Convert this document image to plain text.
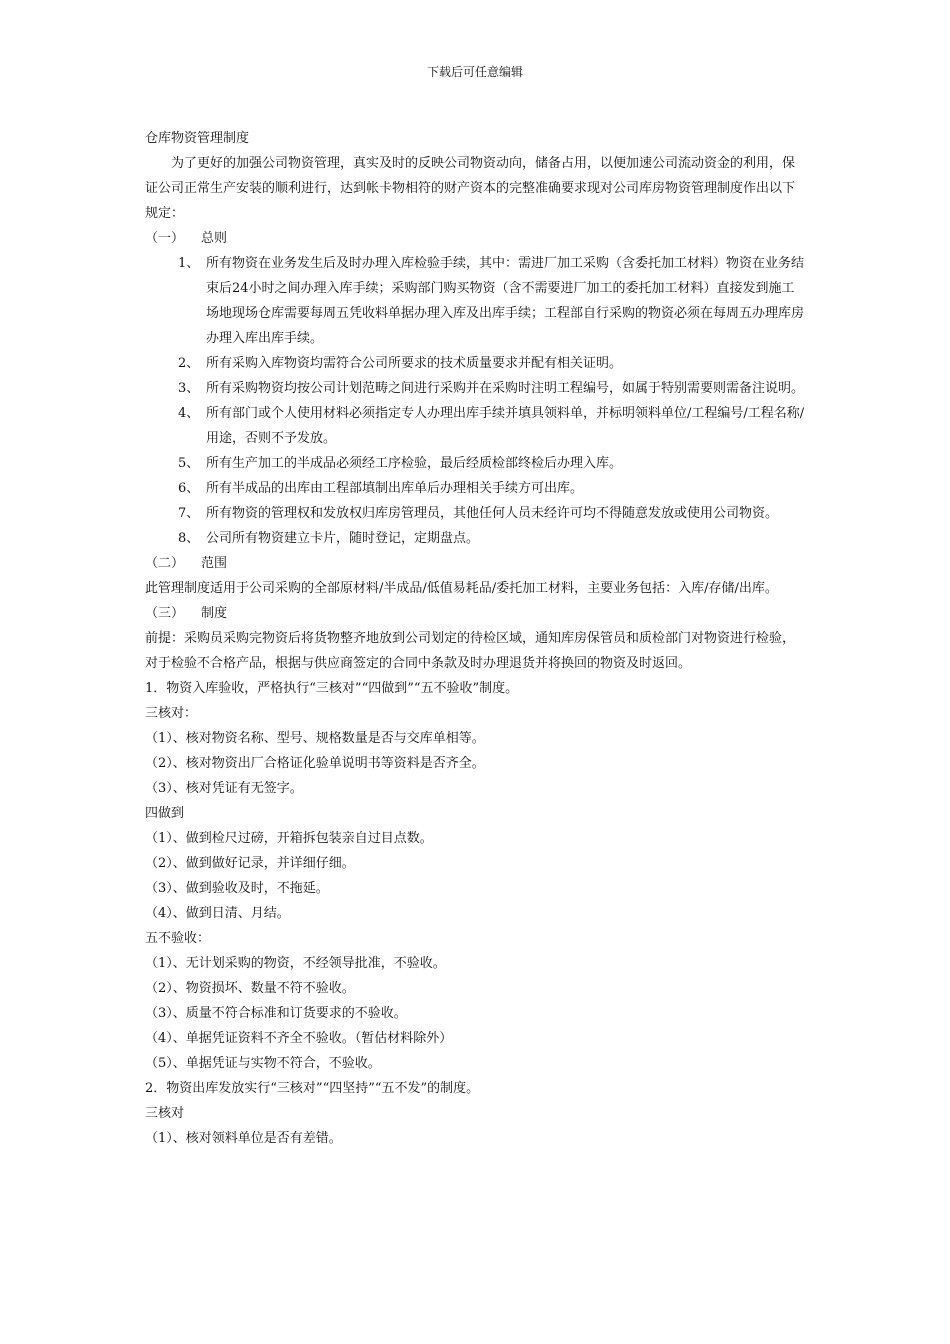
下载后可任意编辑

仓库物资管理制度

为了更好的加强公司物资管理，真实及时的反映公司物资动向，储备占用，以便加速公司流动资金的利用，保证公司正常生产安装的顺利进行，达到帐卡物相符的财产资本的完整准确要求现对公司库房物资管理制度作出以下规定：

（一） 总则

1、 所有物资在业务发生后及时办理入库检验手续，其中：需进厂加工采购（含委托加工材料）物资在业务结束后24小时之间办理入库手续；采购部门购买物资（含不需要进厂加工的委托加工材料）直接发到施工场地现场仓库需要每周五凭收料单据办理入库及出库手续；工程部自行采购的物资必须在每周五办理库房办理入库出库手续。

2、 所有采购入库物资均需符合公司所要求的技术质量要求并配有相关证明。

3、 所有采购物资均按公司计划范畴之间进行采购并在采购时注明工程编号，如属于特别需要则需备注说明。

4、 所有部门或个人使用材料必须指定专人办理出库手续并填具领料单，并标明领料单位/工程编号/工程名称/用途，否则不予发放。

5、 所有生产加工的半成品必须经工序检验，最后经质检部终检后办理入库。

6、 所有半成品的出库由工程部填制出库单后办理相关手续方可出库。

7、 所有物资的管理权和发放权归库房管理员，其他任何人员未经许可均不得随意发放或使用公司物资。

8、 公司所有物资建立卡片，随时登记，定期盘点。

（二） 范围

此管理制度适用于公司采购的全部原材料/半成品/低值易耗品/委托加工材料，主要业务包括：入库/存储/出库。

（三） 制度

前提：采购员采购完物资后将货物整齐地放到公司划定的待检区域，通知库房保管员和质检部门对物资进行检验，对于检验不合格产品，根据与供应商签定的合同中条款及时办理退货并将换回的物资及时返回。

1．物资入库验收，严格执行“三核对”“四做到”“五不验收”制度。

三核对：

（1）、核对物资名称、型号、规格数量是否与交库单相等。

（2）、核对物资出厂合格证化验单说明书等资料是否齐全。

（3）、核对凭证有无签字。

四做到

（1）、做到检尺过磅，开箱拆包装亲自过目点数。

（2）、做到做好记录，并详细仔细。

（3）、做到验收及时，不拖延。

（4）、做到日清、月结。

五不验收：

（1）、无计划采购的物资，不经领导批准，不验收。

（2）、物资损坏、数量不符不验收。

（3）、质量不符合标准和订货要求的不验收。

（4）、单据凭证资料不齐全不验收。（暂估材料除外）

（5）、单据凭证与实物不符合，不验收。

2．物资出库发放实行“三核对”“四坚持”“五不发”的制度。

三核对

（1）、核对领料单位是否有差错。
